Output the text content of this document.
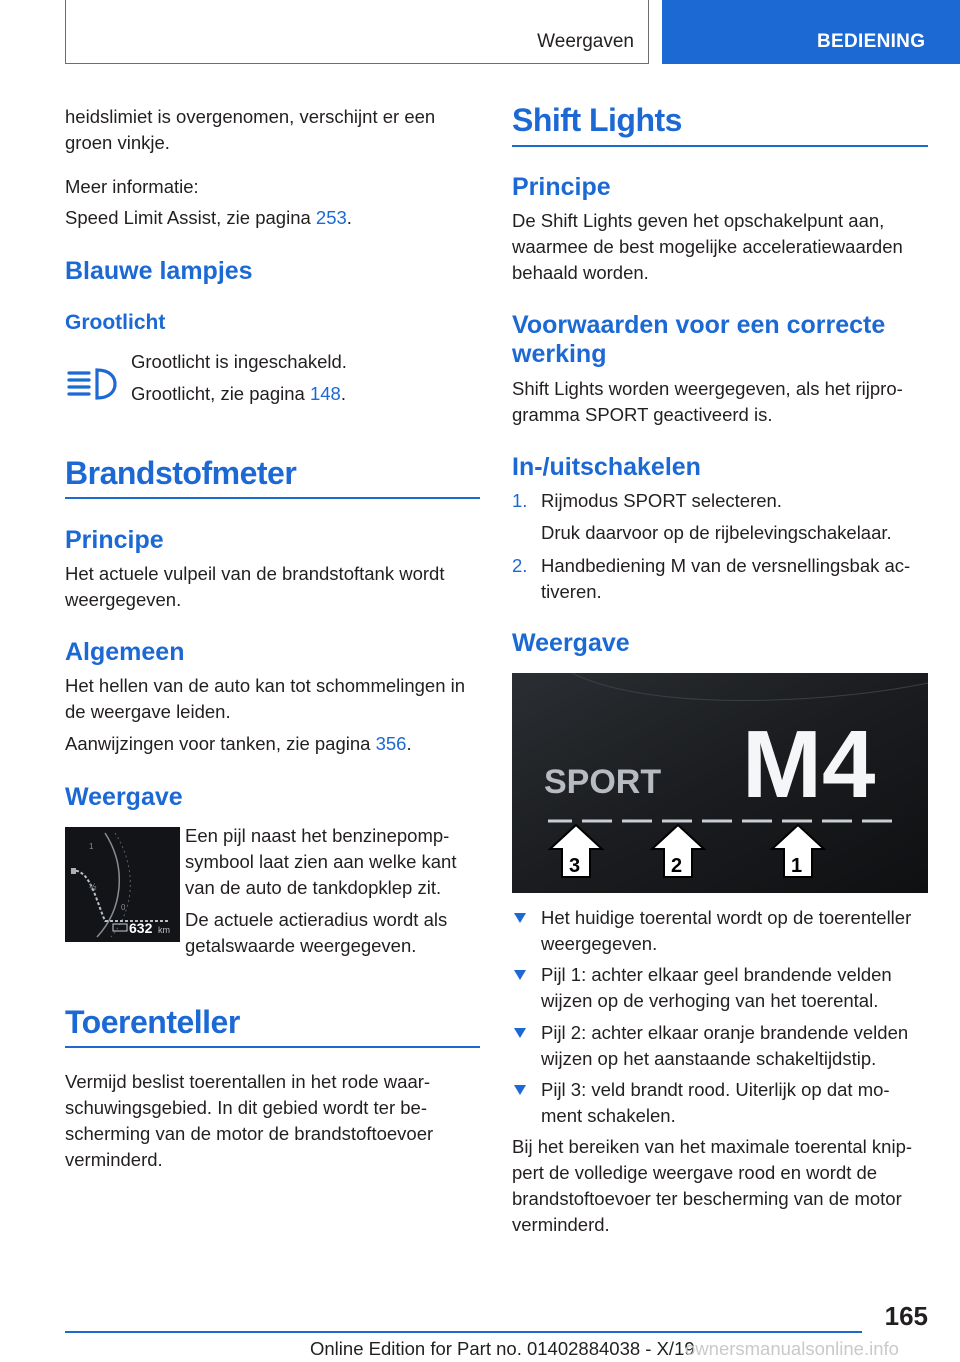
Weergaven	BEDIENING

heidslimiet is overgenomen, verschijnt er een

groen vinkje.

Meer informatie:

Speed Limit Assist, zie pagina 253.

Blauwe lampjes
Grootlicht

Grootlicht is ingeschakeld.

Grootlicht, zie pagina 148.

Brandstofmeter
Principe

Het actuele vulpeil van de brandstoftank wordt

weergegeven.

Algemeen

Het hellen van de auto kan tot schommelingen in

de weergave leiden.

Aanwijzingen voor tanken, zie pagina 356.

Weergave
1
½
0
632 km

Een pijl naast het benzinepomp-

symbool laat zien aan welke kant

van de auto de tankdopklep zit.

De actuele actieradius wordt als

getalswaarde weergegeven.

Toerenteller

Vermijd beslist toerentallen in het rode waar-

schuwingsgebied. In dit gebied wordt ter be-

scherming van de motor de brandstoftoevoer

verminderd.

Shift Lights
Principe

De Shift Lights geven het opschakelpunt aan,

waarmee de best mogelijke acceleratiewaarden

behaald worden.

Voorwaarden voor een correcte
werking

Shift Lights worden weergegeven, als het rijpro-

gramma SPORT geactiveerd is.

In-/uitschakelen
1. Rijmodus SPORT selecteren.

Druk daarvoor op de rijbelevingschakelaar.

2. Handbediening M van de versnellingsbak ac-

tiveren.

Weergave
SPORT M4
3	2	1

Het huidige toerental wordt op de toerenteller

weergegeven.

Pijl 1: achter elkaar geel brandende velden

wijzen op de verhoging van het toerental.

Pijl 2: achter elkaar oranje brandende velden

wijzen op het aanstaande schakeltijdstip.

Pijl 3: veld brandt rood. Uiterlijk op dat mo-

ment schakelen.

Bij het bereiken van het maximale toerental knip-

pert de volledige weergave rood en wordt de

brandstoftoevoer ter bescherming van de motor

verminderd.

165
Online Edition for Part no. 01402884038 - X/19
ownersmanualsonline.info
